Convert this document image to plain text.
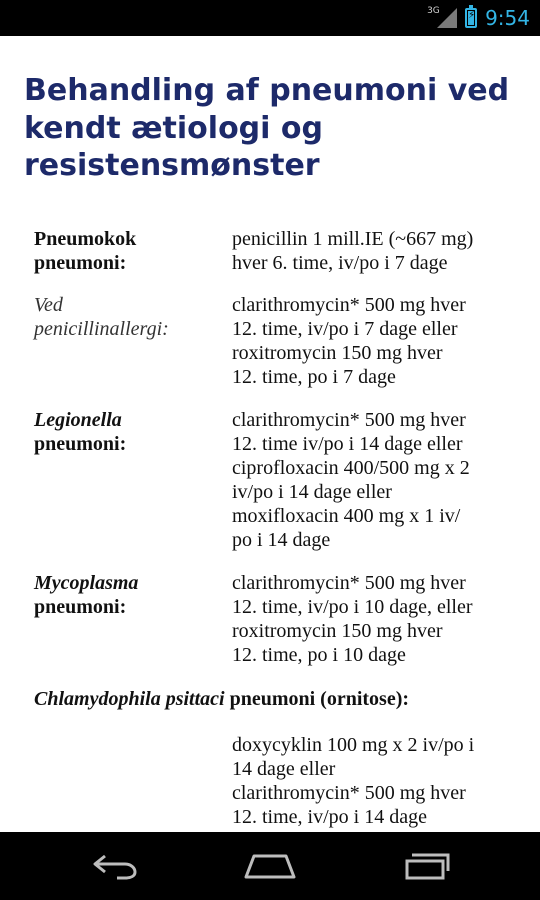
3G	⚡ 9:54
Behandling af pneumoni ved
kendt ætiologi og
resistensmønster
Pneumokok
pneumoni:
penicillin 1 mill.IE (~667 mg)
hver 6. time, iv/po i 7 dage
Ved
penicillinallergi:
clarithromycin* 500 mg hver
12. time, iv/po i 7 dage eller
roxitromycin 150 mg hver
12. time, po i 7 dage
Legionella
pneumoni:
clarithromycin* 500 mg hver
12. time iv/po i 14 dage eller
ciprofloxacin 400/500 mg x 2
iv/po i 14 dage eller
moxifloxacin 400 mg x 1 iv/
po i 14 dage
Mycoplasma
pneumoni:
clarithromycin* 500 mg hver
12. time, iv/po i 10 dage, eller
roxitromycin 150 mg hver
12. time, po i 10 dage
Chlamydophila psittaci pneumoni (ornitose):
doxycyklin 100 mg x 2 iv/po i
14 dage eller
clarithromycin* 500 mg hver
12. time, iv/po i 14 dage
